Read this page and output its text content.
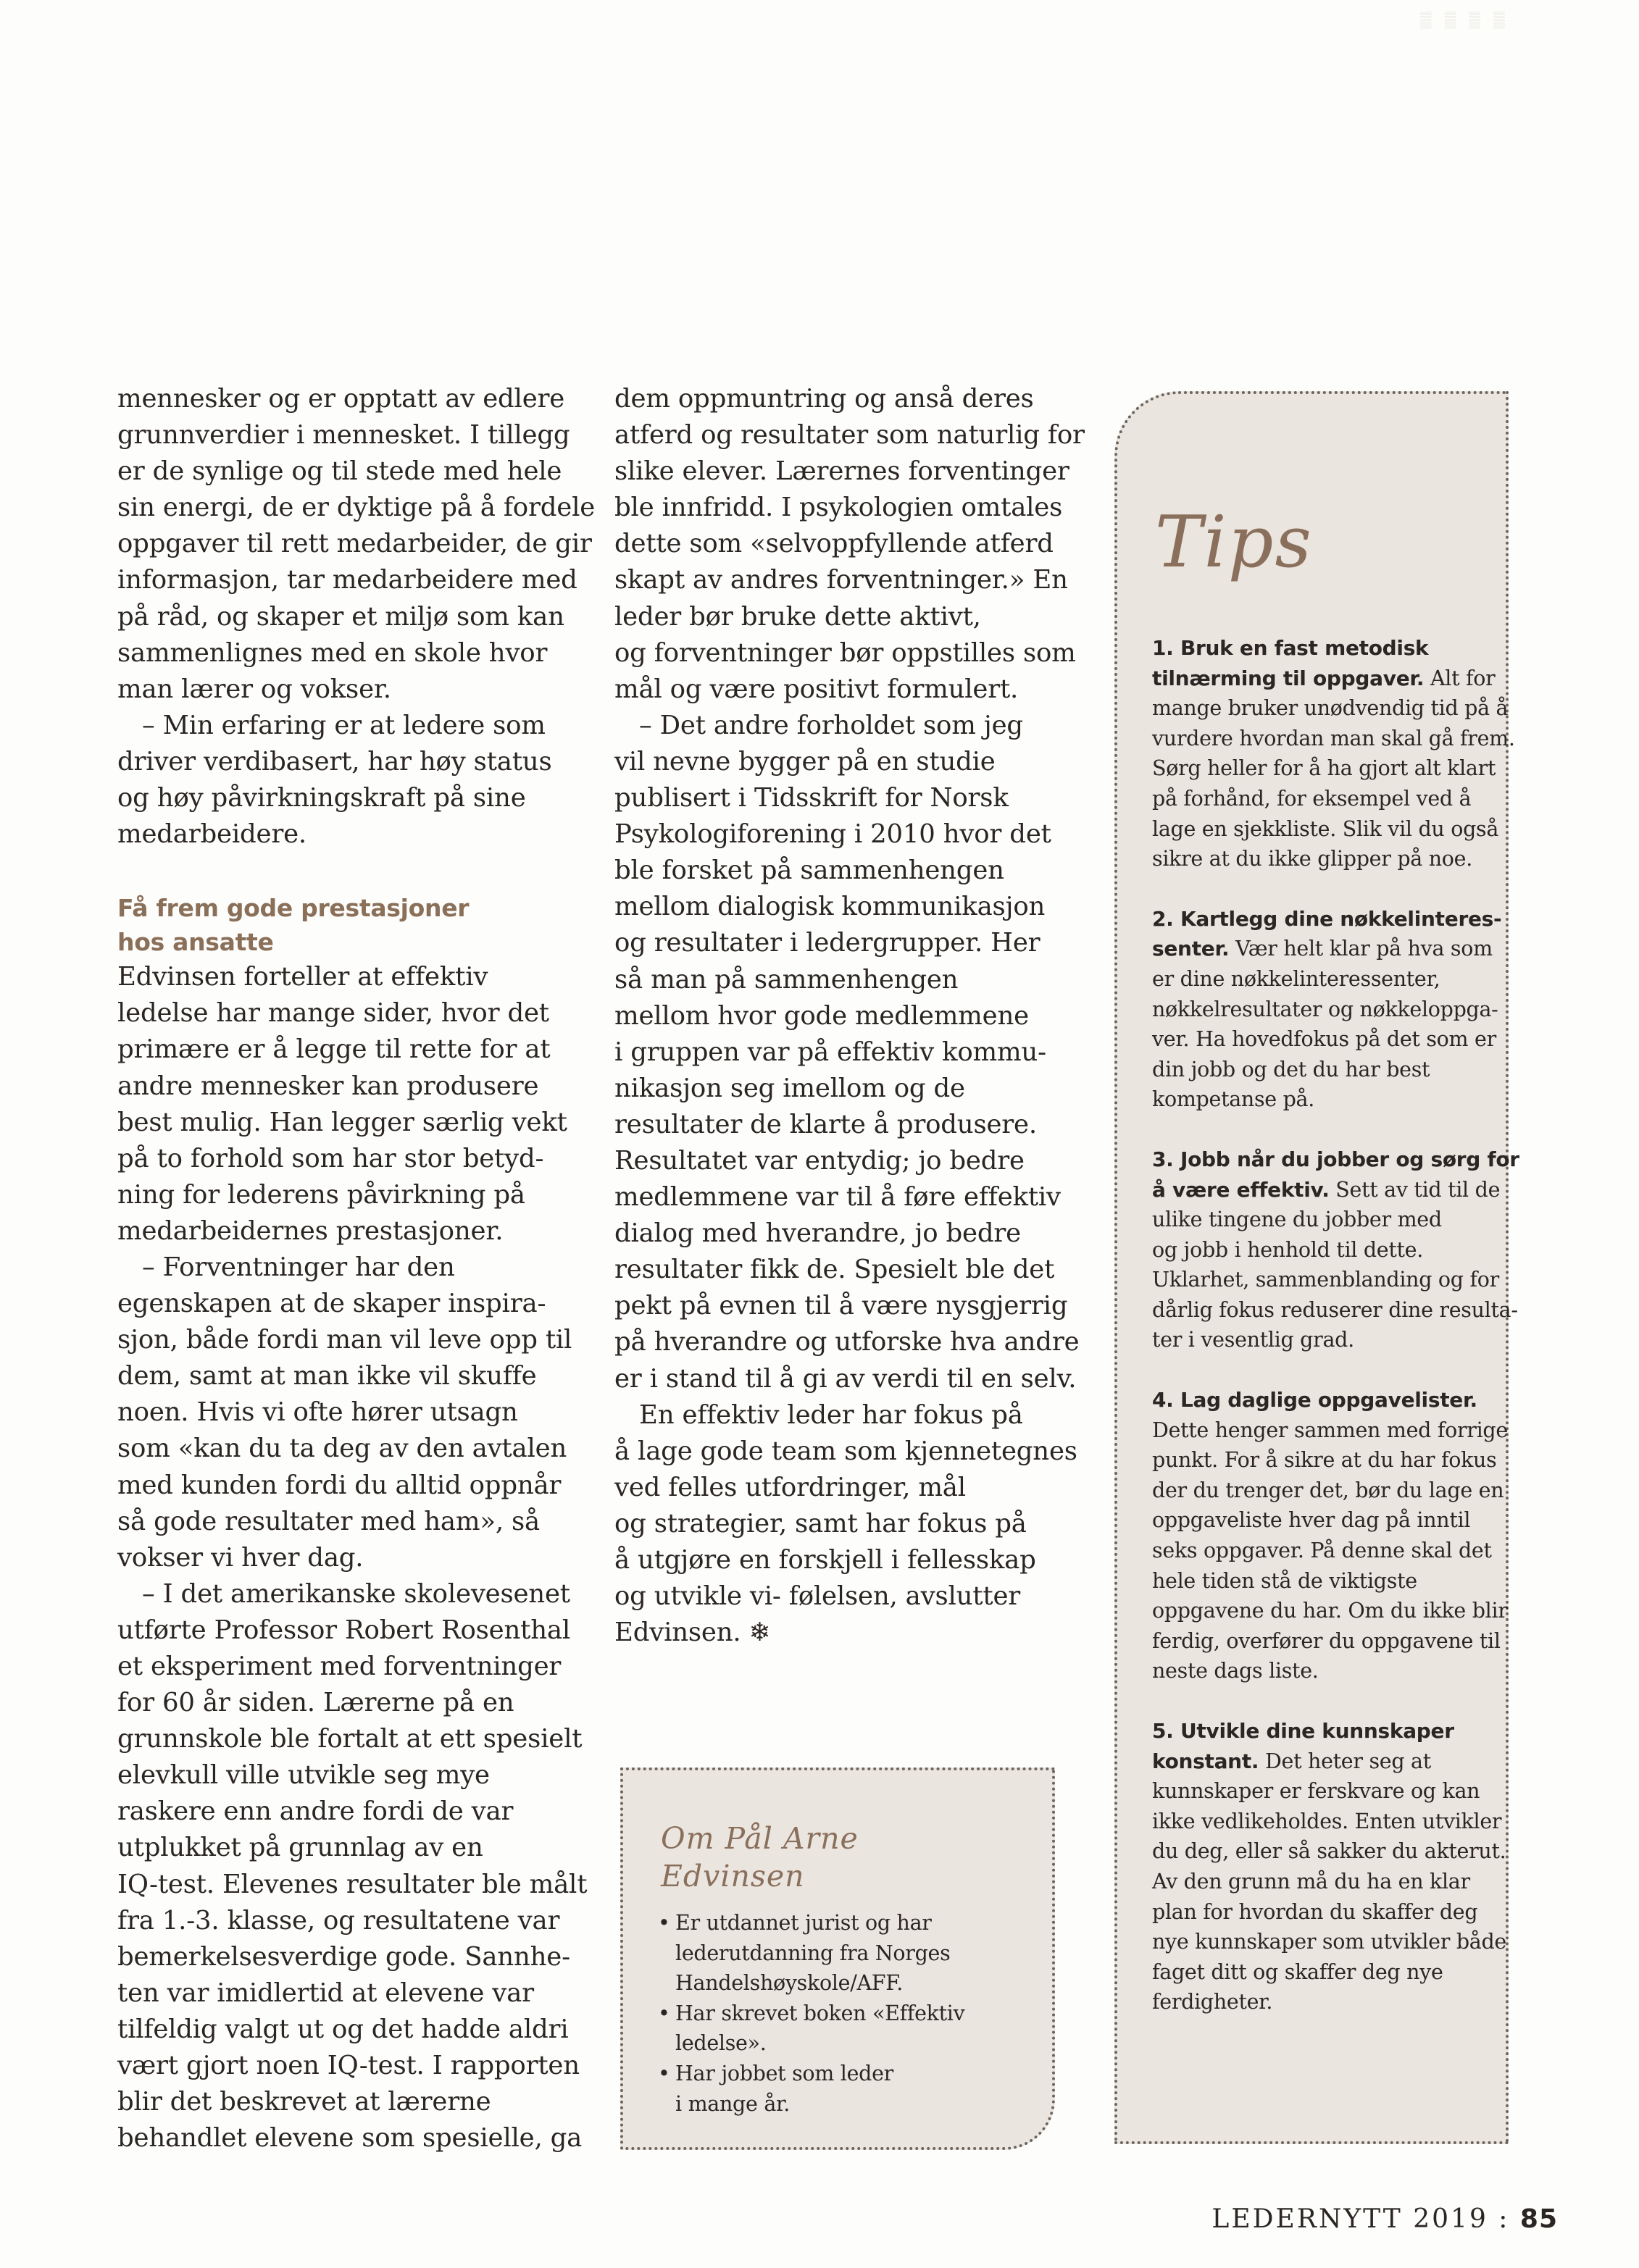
▒ ▒ ▒ ▒
mennesker og er opptatt av edlere
grunnverdier i mennesket. I tillegg
er de synlige og til stede med hele
sin energi, de er dyktige på å fordele
oppgaver til rett medarbeider, de gir
informasjon, tar medarbeidere med
på råd, og skaper et miljø som kan
sammenlignes med en skole hvor
man lærer og vokser.
– Min erfaring er at ledere som
driver verdibasert, har høy status
og høy påvirkningskraft på sine
medarbeidere.
Få frem gode prestasjoner
hos ansatte
Edvinsen forteller at effektiv
ledelse har mange sider, hvor det
primære er å legge til rette for at
andre mennesker kan produsere
best mulig. Han legger særlig vekt
på to forhold som har stor betyd-
ning for lederens påvirkning på
medarbeidernes prestasjoner.
– Forventninger har den
egenskapen at de skaper inspira-
sjon, både fordi man vil leve opp til
dem, samt at man ikke vil skuffe
noen. Hvis vi ofte hører utsagn
som «kan du ta deg av den avtalen
med kunden fordi du alltid oppnår
så gode resultater med ham», så
vokser vi hver dag.
– I det amerikanske skolevesenet
utførte Professor Robert Rosenthal
et eksperiment med forventninger
for 60 år siden. Lærerne på en
grunnskole ble fortalt at ett spesielt
elevkull ville utvikle seg mye
raskere enn andre fordi de var
utplukket på grunnlag av en
IQ-test. Elevenes resultater ble målt
fra 1.-3. klasse, og resultatene var
bemerkelsesverdige gode. Sannhe-
ten var imidlertid at elevene var
tilfeldig valgt ut og det hadde aldri
vært gjort noen IQ-test. I rapporten
blir det beskrevet at lærerne
behandlet elevene som spesielle, ga
dem oppmuntring og anså deres
atferd og resultater som naturlig for
slike elever. Lærernes forventinger
ble innfridd. I psykologien omtales
dette som «selvoppfyllende atferd
skapt av andres forventninger.» En
leder bør bruke dette aktivt,
og forventninger bør oppstilles som
mål og være positivt formulert.
– Det andre forholdet som jeg
vil nevne bygger på en studie
publisert i Tidsskrift for Norsk
Psykologiforening i 2010 hvor det
ble forsket på sammenhengen
mellom dialogisk kommunikasjon
og resultater i ledergrupper. Her
så man på sammenhengen
mellom hvor gode medlemmene
i gruppen var på effektiv kommu-
nikasjon seg imellom og de
resultater de klarte å produsere.
Resultatet var entydig; jo bedre
medlemmene var til å føre effektiv
dialog med hverandre, jo bedre
resultater fikk de. Spesielt ble det
pekt på evnen til å være nysgjerrig
på hverandre og utforske hva andre
er i stand til å gi av verdi til en selv.
En effektiv leder har fokus på
å lage gode team som kjennetegnes
ved felles utfordringer, mål
og strategier, samt har fokus på
å utgjøre en forskjell i fellesskap
og utvikle vi- følelsen, avslutter
Edvinsen. ❄
Om Pål Arne
Edvinsen
• Er utdannet jurist og har
lederutdanning fra Norges
Handelshøyskole/AFF.
• Har skrevet boken «Effektiv
ledelse».
• Har jobbet som leder
i mange år.
Tips
1. Bruk en fast metodisk
tilnærming til oppgaver. Alt for
mange bruker unødvendig tid på å
vurdere hvordan man skal gå frem.
Sørg heller for å ha gjort alt klart
på forhånd, for eksempel ved å
lage en sjekkliste. Slik vil du også
sikre at du ikke glipper på noe.
2. Kartlegg dine nøkkelinteres-
senter. Vær helt klar på hva som
er dine nøkkelinteressenter,
nøkkelresultater og nøkkeloppga-
ver. Ha hovedfokus på det som er
din jobb og det du har best
kompetanse på.
3. Jobb når du jobber og sørg for
å være effektiv. Sett av tid til de
ulike tingene du jobber med
og jobb i henhold til dette.
Uklarhet, sammenblanding og for
dårlig fokus reduserer dine resulta-
ter i vesentlig grad.
4. Lag daglige oppgavelister.
Dette henger sammen med forrige
punkt. For å sikre at du har fokus
der du trenger det, bør du lage en
oppgaveliste hver dag på inntil
seks oppgaver. På denne skal det
hele tiden stå de viktigste
oppgavene du har. Om du ikke blir
ferdig, overfører du oppgavene til
neste dags liste.
5. Utvikle dine kunnskaper
konstant. Det heter seg at
kunnskaper er ferskvare og kan
ikke vedlikeholdes. Enten utvikler
du deg, eller så sakker du akterut.
Av den grunn må du ha en klar
plan for hvordan du skaffer deg
nye kunnskaper som utvikler både
faget ditt og skaffer deg nye
ferdigheter.
LEDERNYTT 2019 : 85
